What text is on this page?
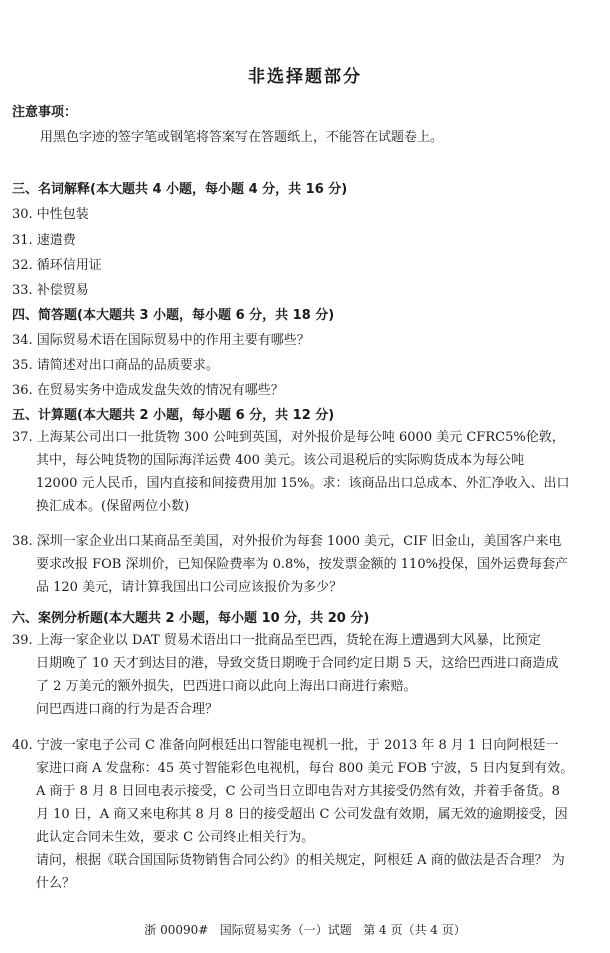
非选择题部分
注意事项：
用黑色字迹的签字笔或钢笔将答案写在答题纸上，不能答在试题卷上。
三、名词解释(本大题共 4 小题，每小题 4 分，共 16 分)
30. 中性包装
31. 速遣费
32. 循环信用证
33. 补偿贸易
四、简答题(本大题共 3 小题，每小题 6 分，共 18 分)
34. 国际贸易术语在国际贸易中的作用主要有哪些？
35. 请简述对出口商品的品质要求。
36. 在贸易实务中造成发盘失效的情况有哪些？
五、计算题(本大题共 2 小题，每小题 6 分，共 12 分)
37. 上海某公司出口一批货物 300 公吨到英国，对外报价是每公吨 6000 美元 CFRC5%伦敦，
其中，每公吨货物的国际海洋运费 400 美元。该公司退税后的实际购货成本为每公吨
12000 元人民币，国内直接和间接费用加 15%。求：该商品出口总成本、外汇净收入、出口
换汇成本。(保留两位小数)
38. 深圳一家企业出口某商品至美国，对外报价为每套 1000 美元，CIF 旧金山，美国客户来电
要求改报 FOB 深圳价，已知保险费率为 0.8%，按发票金额的 110%投保，国外运费每套产
品 120 美元，请计算我国出口公司应该报价为多少？
六、案例分析题(本大题共 2 小题，每小题 10 分，共 20 分)
39. 上海一家企业以 DAT 贸易术语出口一批商品至巴西，货轮在海上遭遇到大风暴，比预定
日期晚了 10 天才到达目的港，导致交货日期晚于合同约定日期 5 天，这给巴西进口商造成
了 2 万美元的额外损失，巴西进口商以此向上海出口商进行索赔。
问巴西进口商的行为是否合理？
40. 宁波一家电子公司 C 准备向阿根廷出口智能电视机一批，于 2013 年 8 月 1 日向阿根廷一
家进口商 A 发盘称：45 英寸智能彩色电视机，每台 800 美元 FOB 宁波，5 日内复到有效。
A 商于 8 月 8 日回电表示接受，C 公司当日立即电告对方其接受仍然有效，并着手备货。8
月 10 日，A 商又来电称其 8 月 8 日的接受超出 C 公司发盘有效期，属无效的逾期接受，因
此认定合同未生效，要求 C 公司终止相关行为。
请问，根据《联合国国际货物销售合同公约》的相关规定，阿根廷 A 商的做法是否合理？ 为
什么？
浙 00090#   国际贸易实务（一）试题   第 4 页（共 4 页）
